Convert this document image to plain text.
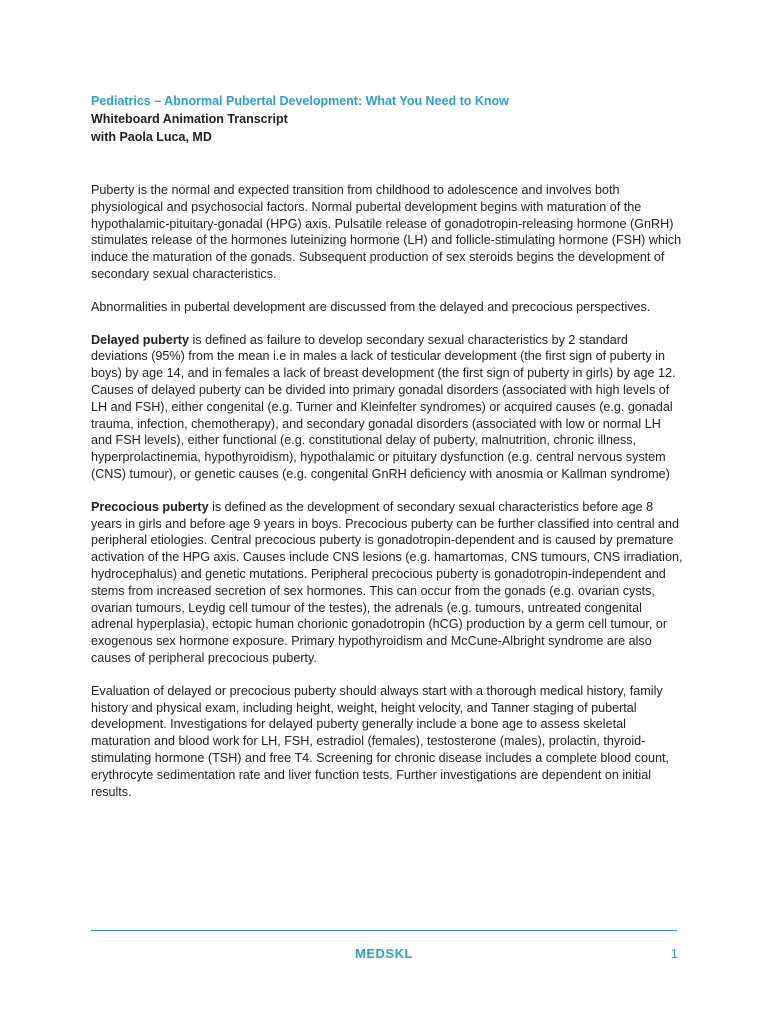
Pediatrics – Abnormal Pubertal Development: What You Need to Know

Whiteboard Animation Transcript

with Paola Luca, MD

Puberty is the normal and expected transition from childhood to adolescence and involves both physiological and psychosocial factors. Normal pubertal development begins with maturation of the hypothalamic-pituitary-gonadal (HPG) axis. Pulsatile release of gonadotropin-releasing hormone (GnRH) stimulates release of the hormones luteinizing hormone (LH) and follicle-stimulating hormone (FSH) which induce the maturation of the gonads. Subsequent production of sex steroids begins the development of secondary sexual characteristics.

Abnormalities in pubertal development are discussed from the delayed and precocious perspectives.

Delayed puberty is defined as failure to develop secondary sexual characteristics by 2 standard deviations (95%) from the mean i.e in males a lack of testicular development (the first sign of puberty in boys) by age 14, and in females a lack of breast development (the first sign of puberty in girls) by age 12. Causes of delayed puberty can be divided into primary gonadal disorders (associated with high levels of LH and FSH), either congenital (e.g. Turner and Kleinfelter syndromes) or acquired causes (e.g. gonadal trauma, infection, chemotherapy), and secondary gonadal disorders (associated with low or normal LH and FSH levels), either functional (e.g. constitutional delay of puberty, malnutrition, chronic illness, hyperprolactinemia, hypothyroidism), hypothalamic or pituitary dysfunction (e.g. central nervous system (CNS) tumour), or genetic causes (e.g. congenital GnRH deficiency with anosmia or Kallman syndrome)

Precocious puberty is defined as the development of secondary sexual characteristics before age 8 years in girls and before age 9 years in boys. Precocious puberty can be further classified into central and peripheral etiologies. Central precocious puberty is gonadotropin-dependent and is caused by premature activation of the HPG axis. Causes include CNS lesions (e.g. hamartomas, CNS tumours, CNS irradiation, hydrocephalus) and genetic mutations. Peripheral precocious puberty is gonadotropin-independent and stems from increased secretion of sex hormones. This can occur from the gonads (e.g. ovarian cysts, ovarian tumours, Leydig cell tumour of the testes), the adrenals (e.g. tumours, untreated congenital adrenal hyperplasia), ectopic human chorionic gonadotropin (hCG) production by a germ cell tumour, or exogenous sex hormone exposure. Primary hypothyroidism and McCune-Albright syndrome are also causes of peripheral precocious puberty.

Evaluation of delayed or precocious puberty should always start with a thorough medical history, family history and physical exam, including height, weight, height velocity, and Tanner staging of pubertal development. Investigations for delayed puberty generally include a bone age to assess skeletal maturation and blood work for LH, FSH, estradiol (females), testosterone (males), prolactin, thyroid-stimulating hormone (TSH) and free T4. Screening for chronic disease includes a complete blood count, erythrocyte sedimentation rate and liver function tests. Further investigations are dependent on initial results.

MEDSKL	1
